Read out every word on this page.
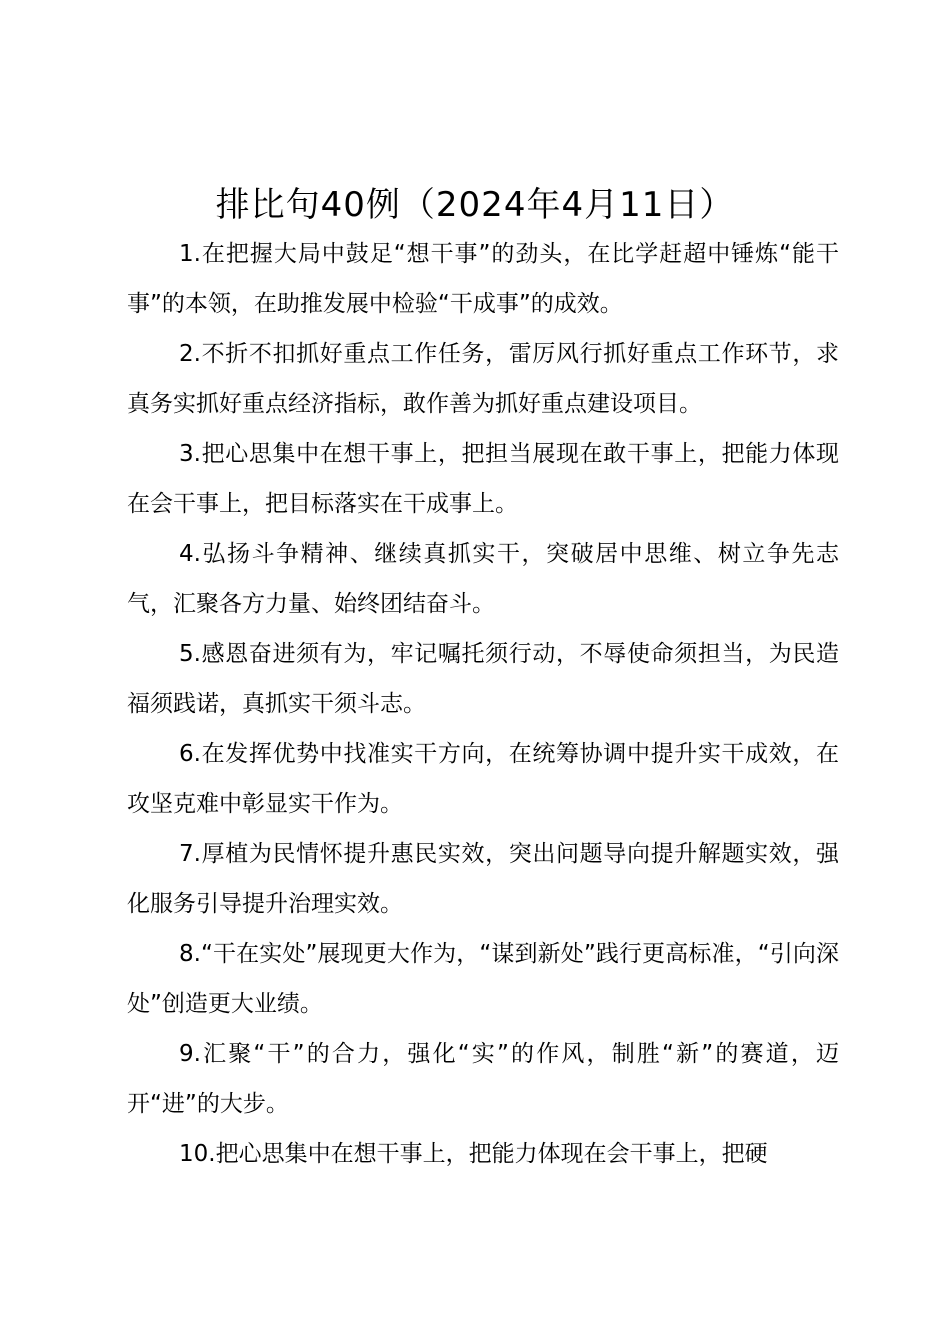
排比句40例（2024年4月11日）

1.在把握大局中鼓足“想干事”的劲头，在比学赶超中锤炼“能干事”的本领，在助推发展中检验“干成事”的成效。

2.不折不扣抓好重点工作任务，雷厉风行抓好重点工作环节，求真务实抓好重点经济指标，敢作善为抓好重点建设项目。

3.把心思集中在想干事上，把担当展现在敢干事上，把能力体现在会干事上，把目标落实在干成事上。

4.弘扬斗争精神、继续真抓实干，突破居中思维、树立争先志气，汇聚各方力量、始终团结奋斗。

5.感恩奋进须有为，牢记嘱托须行动，不辱使命须担当，为民造福须践诺，真抓实干须斗志。

6.在发挥优势中找准实干方向，在统筹协调中提升实干成效，在攻坚克难中彰显实干作为。

7.厚植为民情怀提升惠民实效，突出问题导向提升解题实效，强化服务引导提升治理实效。

8.“干在实处”展现更大作为，“谋到新处”践行更高标准，“引向深处”创造更大业绩。

9.汇聚“干”的合力，强化“实”的作风，制胜“新”的赛道，迈开“进”的大步。

10.把心思集中在想干事上，把能力体现在会干事上，把硬
